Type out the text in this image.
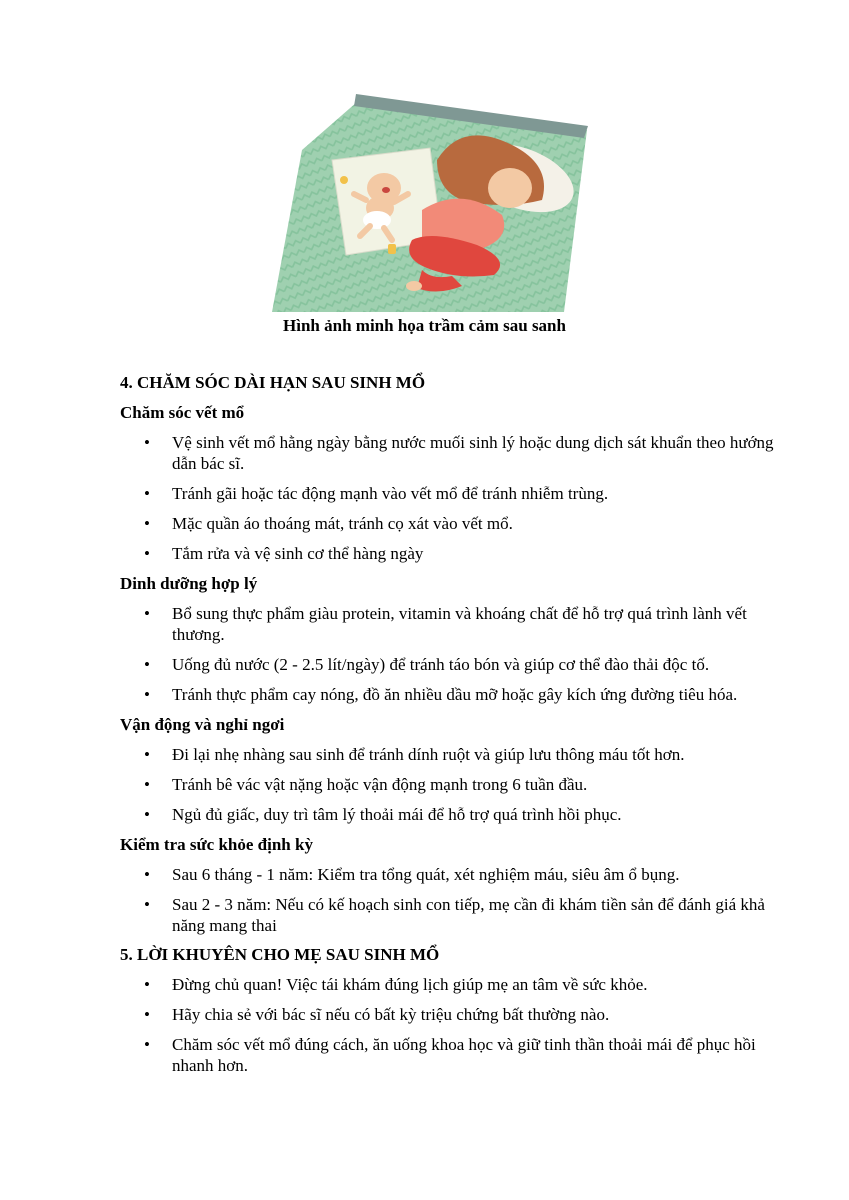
Hình ảnh minh họa trầm cảm sau sanh

4. CHĂM SÓC DÀI HẠN SAU SINH MỔ

Chăm sóc vết mổ

• Vệ sinh vết mổ hằng ngày bằng nước muối sinh lý hoặc dung dịch sát khuẩn theo hướng dẫn bác sĩ.
• Tránh gãi hoặc tác động mạnh vào vết mổ để tránh nhiễm trùng.
• Mặc quần áo thoáng mát, tránh cọ xát vào vết mổ.
• Tắm rửa và vệ sinh cơ thể hàng ngày

Dinh dưỡng hợp lý

• Bổ sung thực phẩm giàu protein, vitamin và khoáng chất để hỗ trợ quá trình lành vết thương.
• Uống đủ nước (2 - 2.5 lít/ngày) để tránh táo bón và giúp cơ thể đào thải độc tố.
• Tránh thực phẩm cay nóng, đồ ăn nhiều dầu mỡ hoặc gây kích ứng đường tiêu hóa.

Vận động và nghỉ ngơi

• Đi lại nhẹ nhàng sau sinh để tránh dính ruột và giúp lưu thông máu tốt hơn.
• Tránh bê vác vật nặng hoặc vận động mạnh trong 6 tuần đầu.
• Ngủ đủ giấc, duy trì tâm lý thoải mái để hỗ trợ quá trình hồi phục.

Kiểm tra sức khỏe định kỳ

• Sau 6 tháng - 1 năm: Kiểm tra tổng quát, xét nghiệm máu, siêu âm ổ bụng.
• Sau 2 - 3 năm: Nếu có kế hoạch sinh con tiếp, mẹ cần đi khám tiền sản để đánh giá khả năng mang thai

5. LỜI KHUYÊN CHO MẸ SAU SINH MỔ

• Đừng chủ quan! Việc tái khám đúng lịch giúp mẹ an tâm về sức khỏe.
• Hãy chia sẻ với bác sĩ nếu có bất kỳ triệu chứng bất thường nào.
• Chăm sóc vết mổ đúng cách, ăn uống khoa học và giữ tinh thần thoải mái để phục hồi nhanh hơn.
